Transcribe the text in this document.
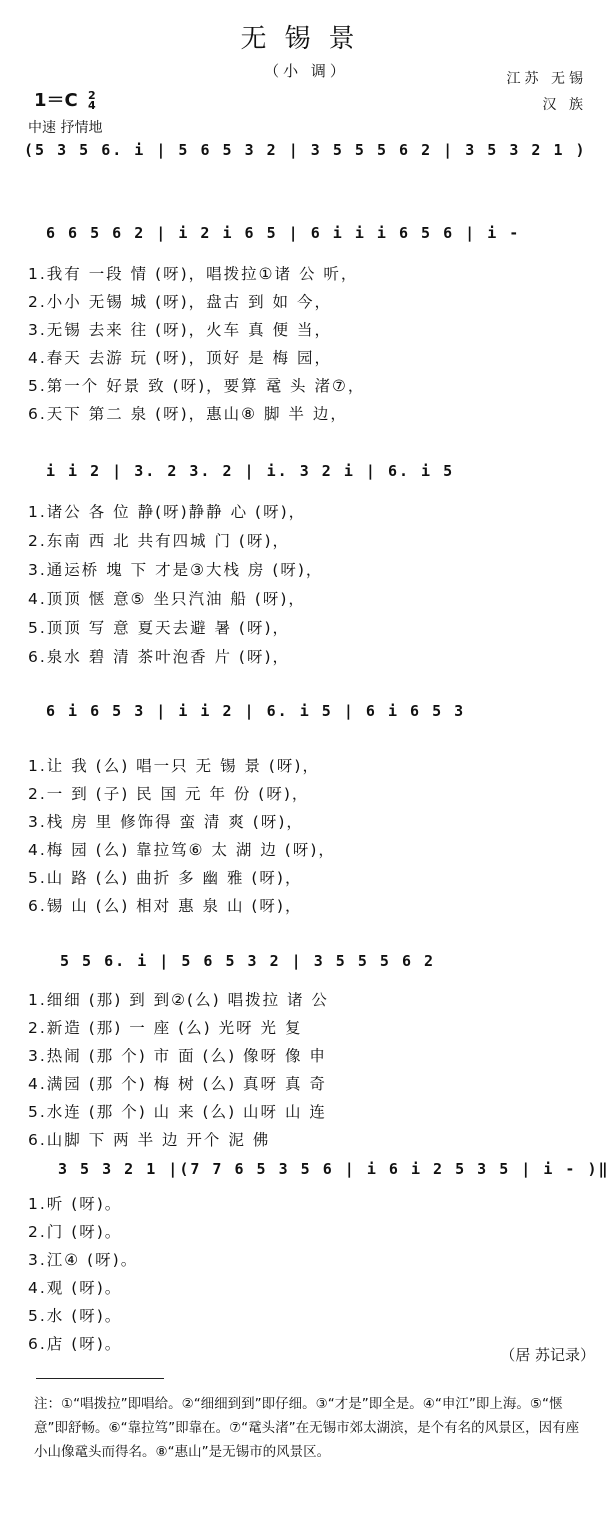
无锡景
（小 调）	江苏 无锡
汉 族
1＝C 2
4
中速 抒情地
(5 3 5 6. i | 5 6 5 3 2 | 3 5 5 5 6 2 | 3 5 3 2 1 )
6 6 5 6 2 | i 2 i 6 5 | 6 i i i 6 5 6 | i -
1.我有 一段 情 (呀)，唱拨拉①诸 公 听，
2.小小 无锡 城 (呀)，盘古 到 如 今，
3.无锡 去来 往 (呀)，火车 真 便 当，
4.春天 去游 玩 (呀)，顶好 是 梅 园，
5.第一个 好景 致 (呀)，要算 鼋 头 渚⑦，
6.天下 第二 泉 (呀)，惠山⑧ 脚 半 边，
i i 2 | 3. 2 3. 2 | i. 3 2 i | 6. i 5
1.诸公 各 位 静(呀)静静 心 (呀)，
2.东南 西 北 共有四城 门 (呀)，
3.通运桥 塊 下 才是③大栈 房 (呀)，
4.顶顶 惬 意⑤ 坐只汽油 船 (呀)，
5.顶顶 写 意 夏天去避 暑 (呀)，
6.泉水 碧 清 茶叶泡香 片 (呀)，
6 i 6 5 3 | i i 2 | 6. i 5 | 6 i 6 5 3
1.让 我 (么) 唱一只 无 锡 景 (呀)，
2.一 到 (子) 民 国 元 年 份 (呀)，
3.栈 房 里 修饰得 蛮 清 爽 (呀)，
4.梅 园 (么) 靠拉笃⑥ 太 湖 边 (呀)，
5.山 路 (么) 曲折 多 幽 雅 (呀)，
6.锡 山 (么) 相对 惠 泉 山 (呀)，
5 5 6. i | 5 6 5 3 2 | 3 5 5 5 6 2
1.细细 (那) 到 到②(么) 唱拨拉 诸 公
2.新造 (那) 一 座 (么) 光呀 光 复
3.热闹 (那 个) 市 面 (么) 像呀 像 申
4.满园 (那 个) 梅 树 (么) 真呀 真 奇
5.水连 (那 个) 山 来 (么) 山呀 山 连
6.山脚 下 两 半 边 开个 泥 佛
3 5 3 2 1 |(7 7 6 5 3 5 6 | i 6 i 2 5 3 5 | i - )‖
1.听 (呀)。
2.门 (呀)。
3.江④ (呀)。
4.观 (呀)。
5.水 (呀)。
6.店 (呀)。
（居 苏记录）
注：①“唱拨拉”即唱给。②“细细到到”即仔细。③“才是”即全是。④“申江”即上海。⑤“惬意”即舒畅。⑥“靠拉笃”即靠在。⑦“鼋头渚”在无锡市郊太湖滨，是个有名的风景区，因有座小山像鼋头而得名。⑧“惠山”是无锡市的风景区。
